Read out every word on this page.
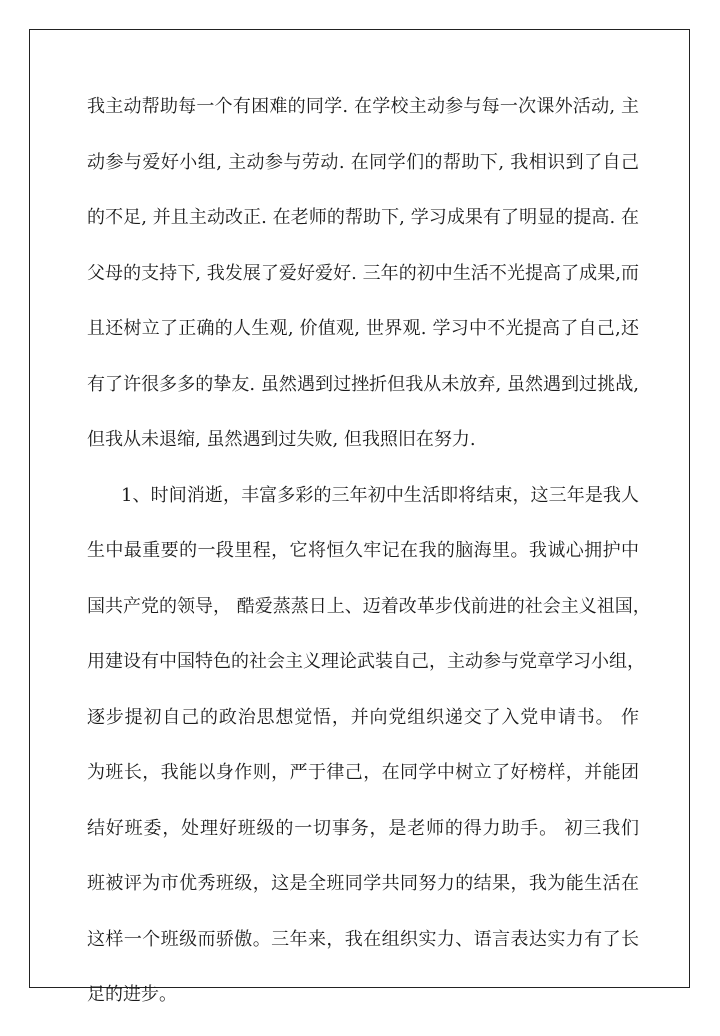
我主动帮助每一个有困难的同学. 在学校主动参与每一次课外活动, 主
动参与爱好小组, 主动参与劳动. 在同学们的帮助下, 我相识到了自己
的不足, 并且主动改正. 在老师的帮助下, 学习成果有了明显的提高. 在
父母的支持下, 我发展了爱好爱好. 三年的初中生活不光提高了成果,而
且还树立了正确的人生观, 价值观, 世界观. 学习中不光提高了自己,还
有了许很多多的挚友. 虽然遇到过挫折但我从未放弃, 虽然遇到过挑战,
但我从未退缩, 虽然遇到过失败, 但我照旧在努力.
1、时间消逝，丰富多彩的三年初中生活即将结束，这三年是我人
生中最重要的一段里程，它将恒久牢记在我的脑海里。我诚心拥护中
国共产党的领导， 酷爱蒸蒸日上、迈着改革步伐前进的社会主义祖国，
用建设有中国特色的社会主义理论武装自己，主动参与党章学习小组，
逐步提初自己的政治思想觉悟，并向党组织递交了入党申请书。 作
为班长，我能以身作则，严于律己，在同学中树立了好榜样，并能团
结好班委，处理好班级的一切事务，是老师的得力助手。 初三我们
班被评为市优秀班级，这是全班同学共同努力的结果，我为能生活在
这样一个班级而骄傲。三年来，我在组织实力、语言表达实力有了长
足的进步。
